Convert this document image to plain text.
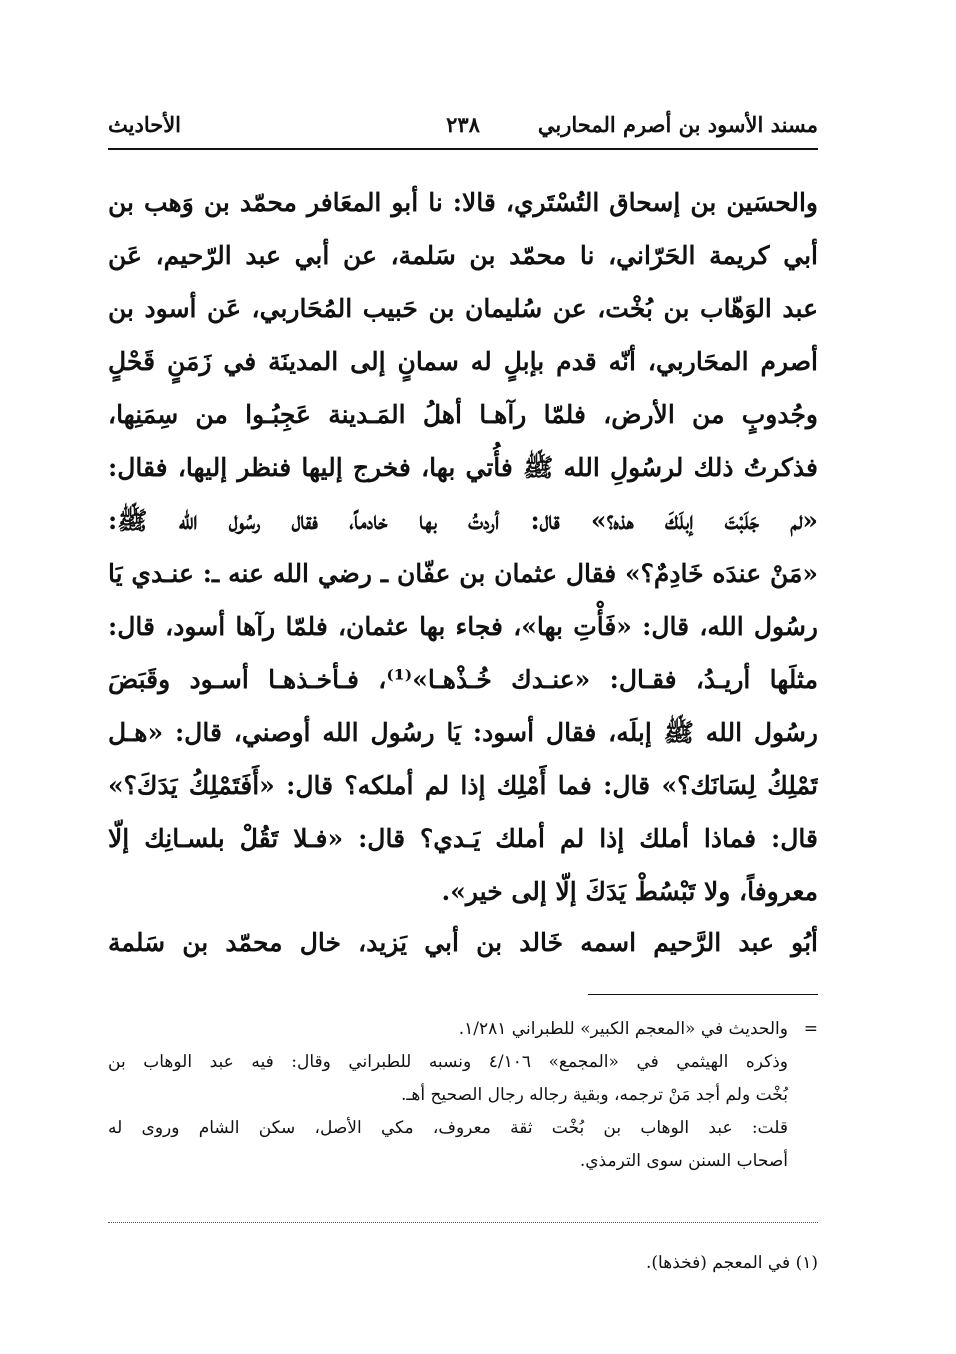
مسند الأسود بن أصرم المحاربي
٢٣٨
الأحاديث
والحسَين بن إسحاق التُسْتَري، قالا: نا أبو المعَافر محمّد بن وَهب بن
أبي كريمة الحَرّاني، نا محمّد بن سَلمة، عن أبي عبد الرّحيم، عَن
عبد الوَهّاب بن بُخْت، عن سُليمان بن حَبيب المُحَاربي، عَن أسود بن
أصرم المحَاربي، أنّه قدم بإبلٍ له سمانٍ إلى المدينَة في زَمَنٍ قَحْلٍ
وجُدوبٍ من الأرض، فلمّا رآهـا أهلُ المَـدينة عَجِبُـوا من سِمَنِها،
فذكرتُ ذلك لرسُولِ الله ﷺ فأُتي بها، فخرج إليها فنظر إليها، فقال:
«لم جَلَبْتَ إبلَكَ هذه؟» قال: أردتُ بها خادماً، فقال رسُول الله ﷺ:
«مَنْ عندَه خَادِمٌ؟» فقال عثمان بن عفّان ـ رضي الله عنه ـ: عنـدي يَا
رسُول الله، قال: «فَأْتِ بها»، فجاء بها عثمان، فلمّا رآها أسود، قال:
مثلَها أريـدُ، فقـال: «عنـدك خُـذْهـا»⁽¹⁾، فـأخـذهـا أسـود وقَبَضَ
رسُول الله ﷺ إبلَه، فقال أسود: يَا رسُول الله أوصني، قال: «هـل
تَمْلِكُ لِسَانَك؟» قال: فما أَمْلِك إذا لم أملكه؟ قال: «أَفَتَمْلِكُ يَدَكَ؟»
قال: فماذا أملك إذا لم أملك يَـدي؟ قال: «فـلا تَقُلْ بلسـانِك إلّا
معروفاً، ولا تَبْسُطْ يَدَكَ إلّا إلى خير».
أبُو عبد الرَّحيم اسمه خَالد بن أبي يَزيد، خال محمّد بن سَلمة
=
والحديث في «المعجم الكبير» للطبراني ١/٢٨١.
وذكره الهيثمي في «المجمع» ٤/١٠٦ ونسبه للطبراني وقال: فيه عبد الوهاب بن
بُخْت ولم أجد مَنْ ترجمه، وبقية رجاله رجال الصحيح أهـ.
قلت: عبد الوهاب بن بُخْت ثقة معروف، مكي الأصل، سكن الشام وروى له
أصحاب السنن سوى الترمذي.
(١) في المعجم (فخذها).
